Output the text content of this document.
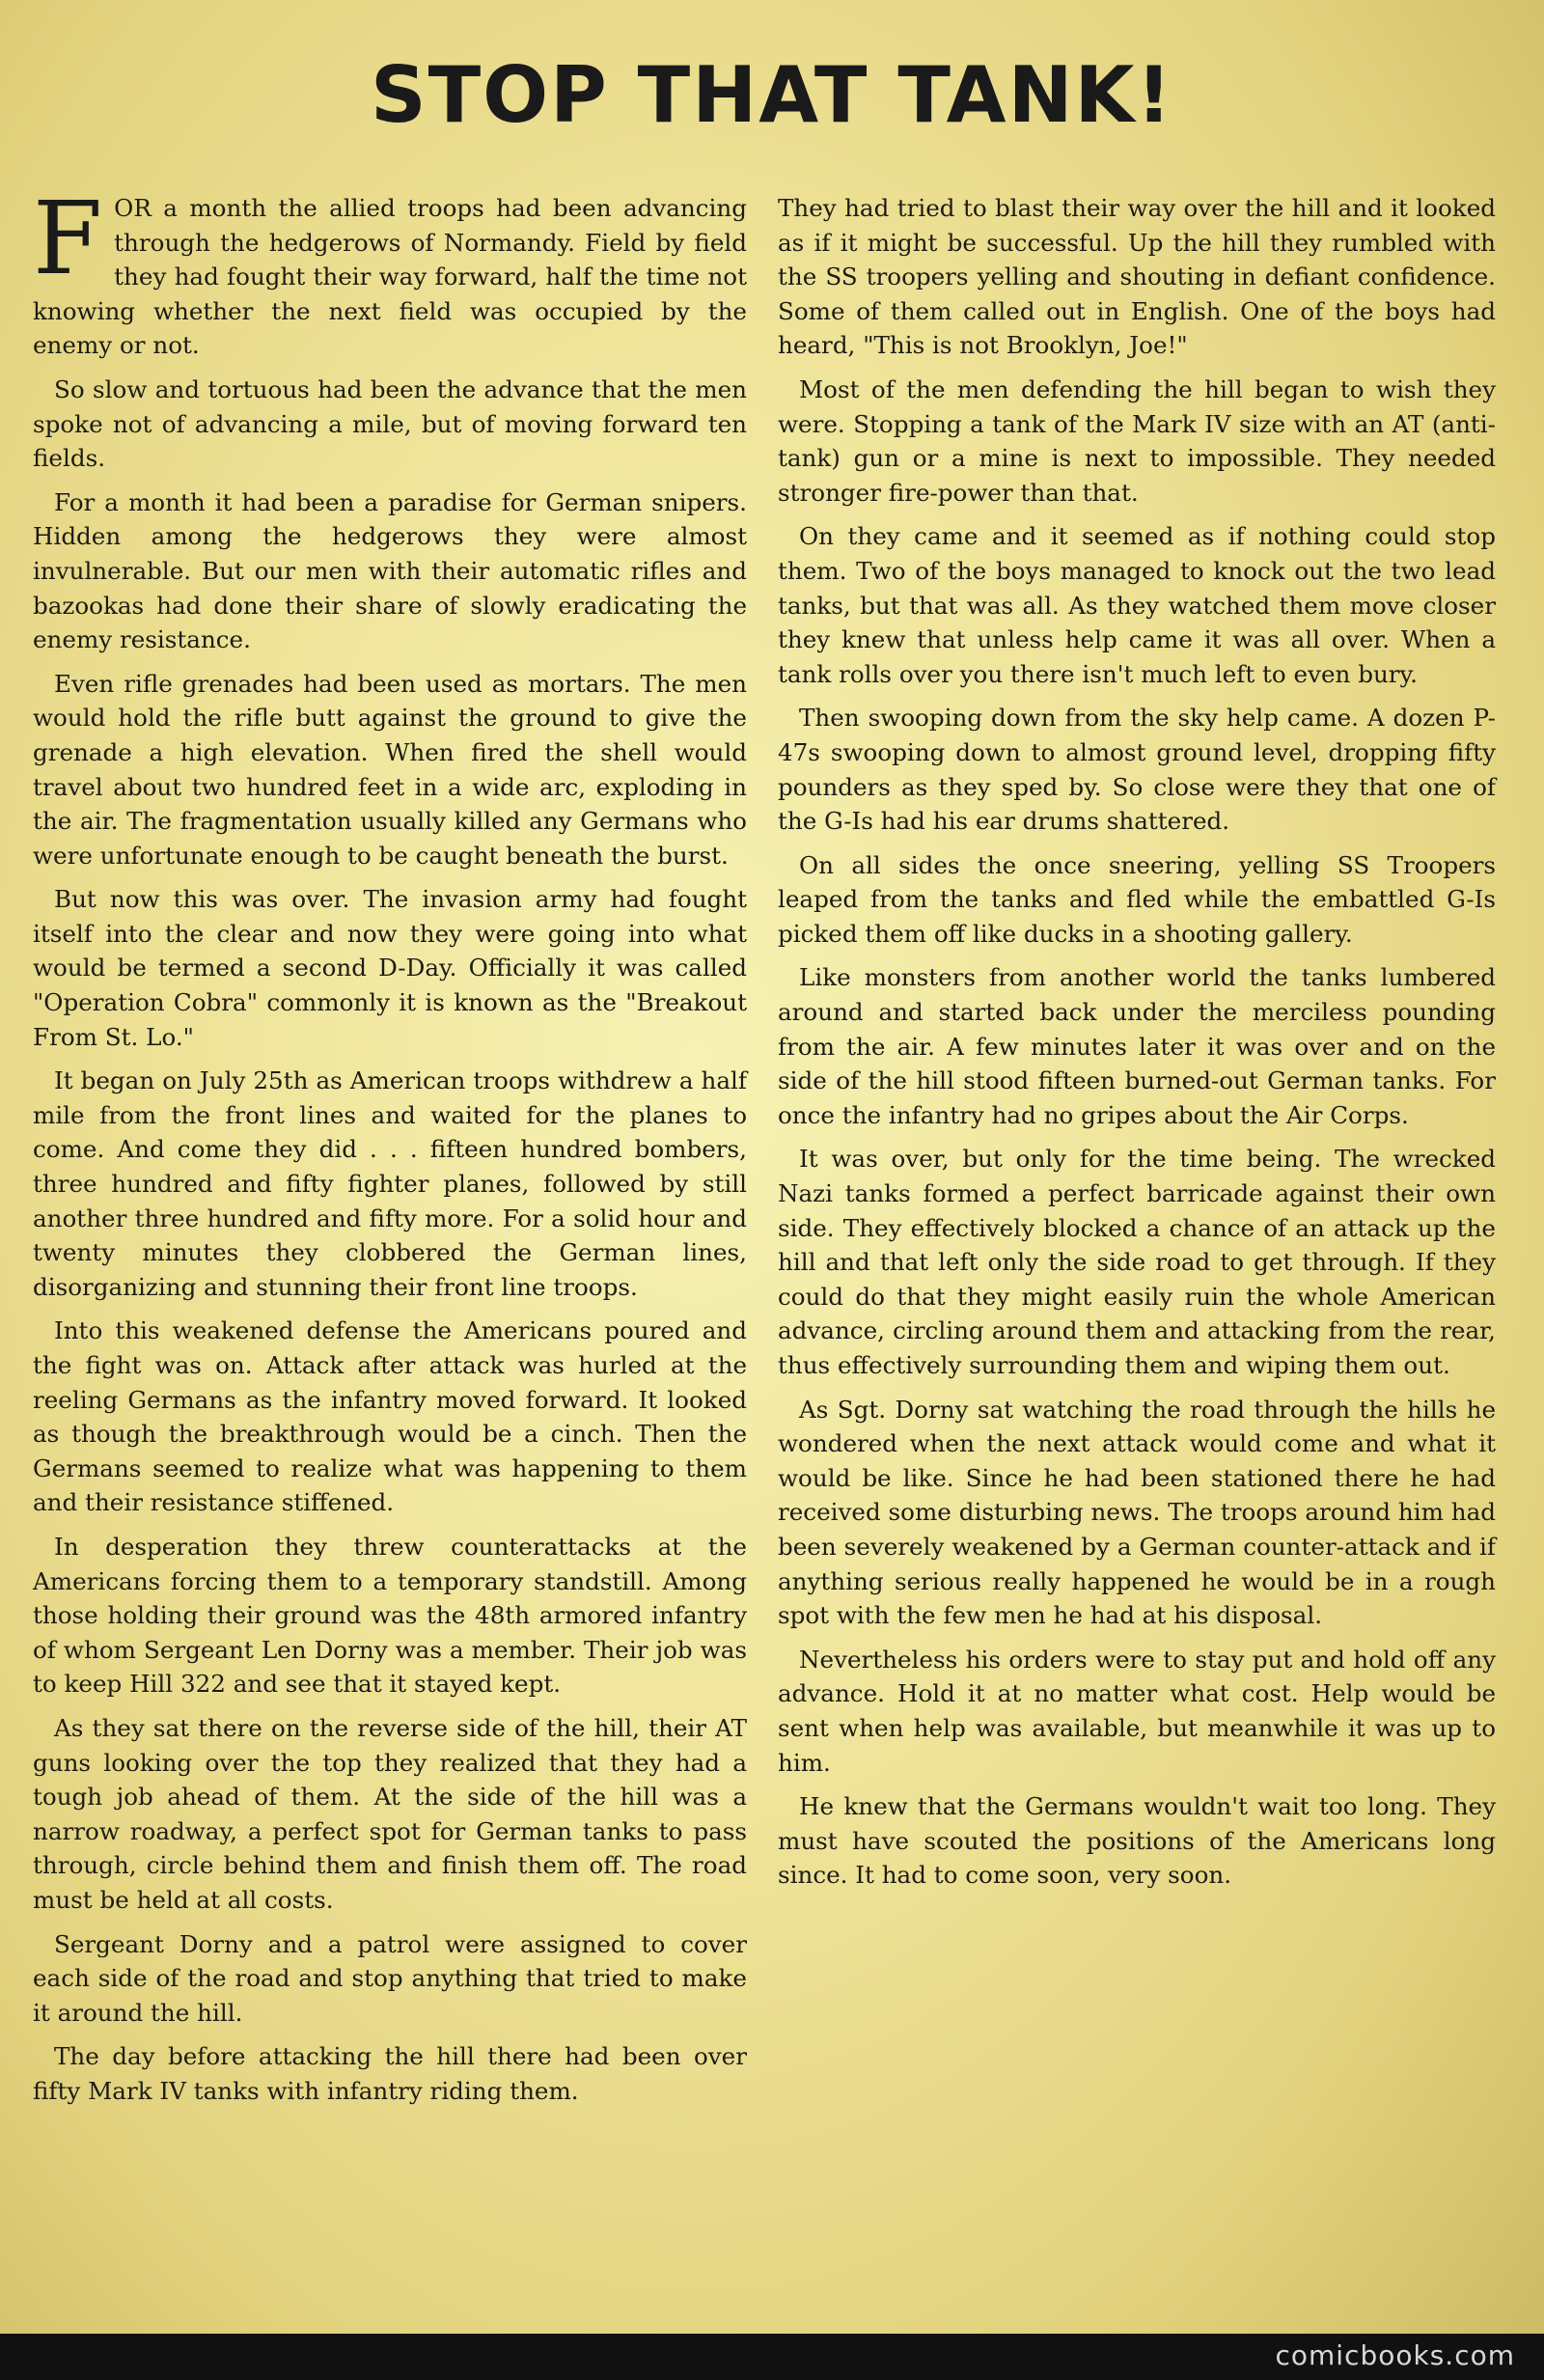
STOP THAT TANK!

FOR a month the allied troops had been advancing through the hedgerows of Normandy. Field by field they had fought their way forward, half the time not knowing whether the next field was occupied by the enemy or not.

So slow and tortuous had been the advance that the men spoke not of advancing a mile, but of moving forward ten fields.

For a month it had been a paradise for German snipers. Hidden among the hedgerows they were almost invulnerable. But our men with their automatic rifles and bazookas had done their share of slowly eradicating the enemy resistance.

Even rifle grenades had been used as mortars. The men would hold the rifle butt against the ground to give the grenade a high elevation. When fired the shell would travel about two hundred feet in a wide arc, exploding in the air. The fragmentation usually killed any Germans who were unfortunate enough to be caught beneath the burst.

But now this was over. The invasion army had fought itself into the clear and now they were going into what would be termed a second D-Day. Officially it was called "Operation Cobra" commonly it is known as the "Breakout From St. Lo."

It began on July 25th as American troops withdrew a half mile from the front lines and waited for the planes to come. And come they did . . . fifteen hundred bombers, three hundred and fifty fighter planes, followed by still another three hundred and fifty more. For a solid hour and twenty minutes they clobbered the German lines, disorganizing and stunning their front line troops.

Into this weakened defense the Americans poured and the fight was on. Attack after attack was hurled at the reeling Germans as the infantry moved forward. It looked as though the breakthrough would be a cinch. Then the Germans seemed to realize what was happening to them and their resistance stiffened.

In desperation they threw counterattacks at the Americans forcing them to a temporary standstill. Among those holding their ground was the 48th armored infantry of whom Sergeant Len Dorny was a member. Their job was to keep Hill 322 and see that it stayed kept.

As they sat there on the reverse side of the hill, their AT guns looking over the top they realized that they had a tough job ahead of them. At the side of the hill was a narrow roadway, a perfect spot for German tanks to pass through, circle behind them and finish them off. The road must be held at all costs.

Sergeant Dorny and a patrol were assigned to cover each side of the road and stop anything that tried to make it around the hill.

The day before attacking the hill there had been over fifty Mark IV tanks with infantry riding them.

They had tried to blast their way over the hill and it looked as if it might be successful. Up the hill they rumbled with the SS troopers yelling and shouting in defiant confidence. Some of them called out in English. One of the boys had heard, "This is not Brooklyn, Joe!"

Most of the men defending the hill began to wish they were. Stopping a tank of the Mark IV size with an AT (anti-tank) gun or a mine is next to impossible. They needed stronger fire-power than that.

On they came and it seemed as if nothing could stop them. Two of the boys managed to knock out the two lead tanks, but that was all. As they watched them move closer they knew that unless help came it was all over. When a tank rolls over you there isn't much left to even bury.

Then swooping down from the sky help came. A dozen P-47s swooping down to almost ground level, dropping fifty pounders as they sped by. So close were they that one of the G-Is had his ear drums shattered.

On all sides the once sneering, yelling SS Troopers leaped from the tanks and fled while the embattled G-Is picked them off like ducks in a shooting gallery.

Like monsters from another world the tanks lumbered around and started back under the merciless pounding from the air. A few minutes later it was over and on the side of the hill stood fifteen burned-out German tanks. For once the infantry had no gripes about the Air Corps.

It was over, but only for the time being. The wrecked Nazi tanks formed a perfect barricade against their own side. They effectively blocked a chance of an attack up the hill and that left only the side road to get through. If they could do that they might easily ruin the whole American advance, circling around them and attacking from the rear, thus effectively surrounding them and wiping them out.

As Sgt. Dorny sat watching the road through the hills he wondered when the next attack would come and what it would be like. Since he had been stationed there he had received some disturbing news. The troops around him had been severely weakened by a German counter-attack and if anything serious really happened he would be in a rough spot with the few men he had at his disposal.

Nevertheless his orders were to stay put and hold off any advance. Hold it at no matter what cost. Help would be sent when help was available, but meanwhile it was up to him.

He knew that the Germans wouldn't wait too long. They must have scouted the positions of the Americans long since. It had to come soon, very soon.

comicbooks.com
